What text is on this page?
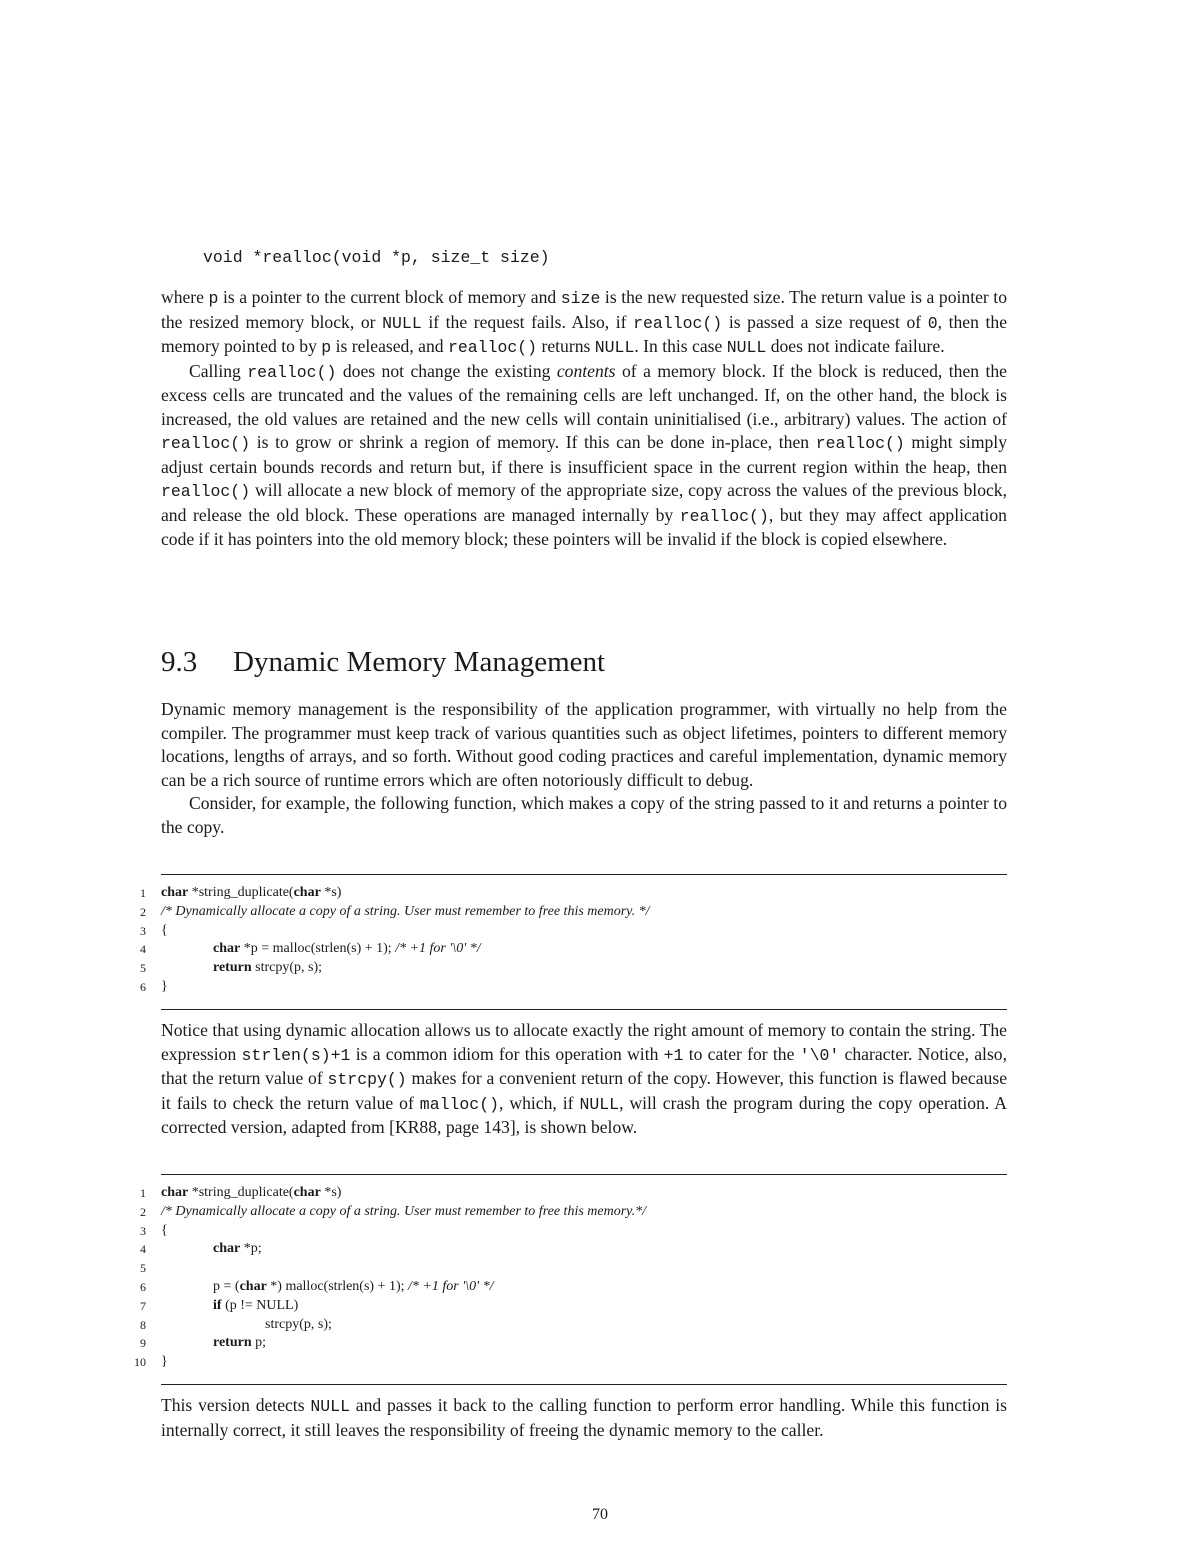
void *realloc(void *p, size_t size)

where p is a pointer to the current block of memory and size is the new requested size. The return value is a pointer to the resized memory block, or NULL if the request fails. Also, if realloc() is passed a size request of 0, then the memory pointed to by p is released, and realloc() returns NULL. In this case NULL does not indicate failure.

Calling realloc() does not change the existing contents of a memory block. If the block is reduced, then the excess cells are truncated and the values of the remaining cells are left unchanged. If, on the other hand, the block is increased, the old values are retained and the new cells will contain uninitialised (i.e., arbitrary) values. The action of realloc() is to grow or shrink a region of memory. If this can be done in-place, then realloc() might simply adjust certain bounds records and return but, if there is insufficient space in the current region within the heap, then realloc() will allocate a new block of memory of the appropriate size, copy across the values of the previous block, and release the old block. These operations are managed internally by realloc(), but they may affect application code if it has pointers into the old memory block; these pointers will be invalid if the block is copied elsewhere.

9.3 Dynamic Memory Management

Dynamic memory management is the responsibility of the application programmer, with virtually no help from the compiler. The programmer must keep track of various quantities such as object lifetimes, pointers to different memory locations, lengths of arrays, and so forth. Without good coding practices and careful implementation, dynamic memory can be a rich source of runtime errors which are often notoriously difficult to debug.

Consider, for example, the following function, which makes a copy of the string passed to it and returns a pointer to the copy.

1 char *string_duplicate(char *s)
2 /* Dynamically allocate a copy of a string. User must remember to free this memory. */
3 {
4	char *p = malloc(strlen(s) + 1); /* +1 for '\0' */
5	return strcpy(p, s);
6 }

Notice that using dynamic allocation allows us to allocate exactly the right amount of memory to contain the string. The expression strlen(s)+1 is a common idiom for this operation with +1 to cater for the '\0' character. Notice, also, that the return value of strcpy() makes for a convenient return of the copy. However, this function is flawed because it fails to check the return value of malloc(), which, if NULL, will crash the program during the copy operation. A corrected version, adapted from [KR88, page 143], is shown below.

1 char *string_duplicate(char *s)
2 /* Dynamically allocate a copy of a string. User must remember to free this memory.*/
3 {
4	char *p;
5
6	p = (char *) malloc(strlen(s) + 1); /* +1 for '\0' */
7	if (p != NULL)
8	strcpy(p, s);
9	return p;
10 }

This version detects NULL and passes it back to the calling function to perform error handling. While this function is internally correct, it still leaves the responsibility of freeing the dynamic memory to the caller.

70
